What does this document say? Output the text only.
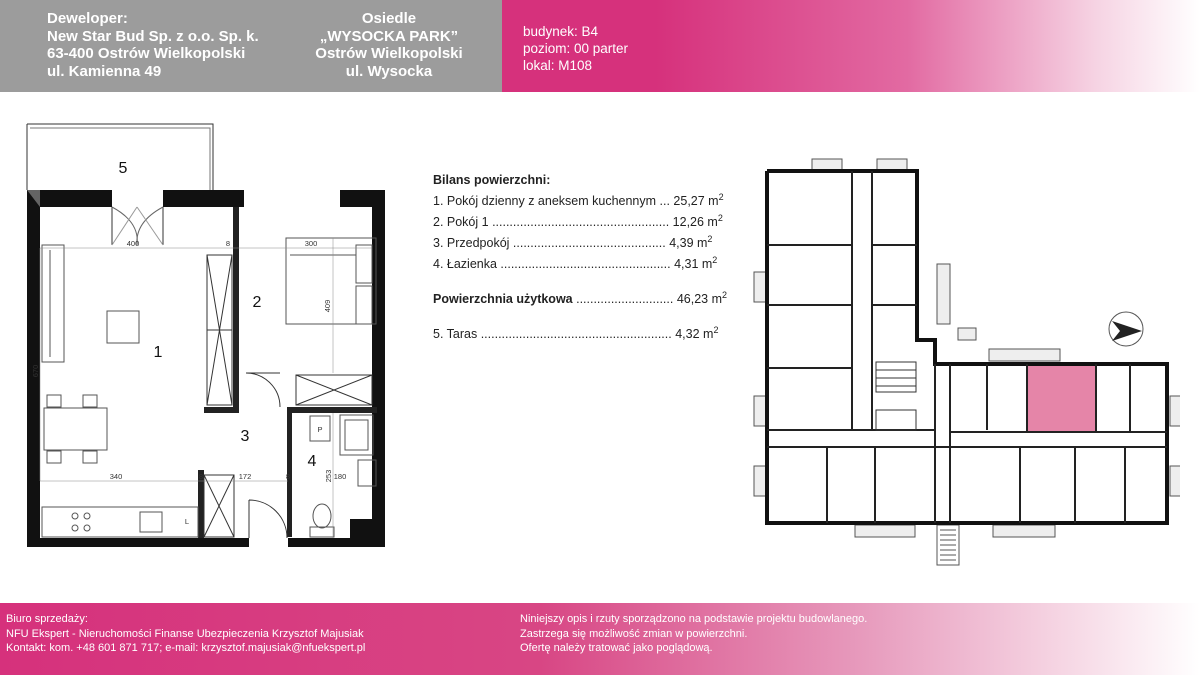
Deweloper:
New Star Bud Sp. z o.o. Sp. k.
63-400 Ostrów Wielkopolski
ul. Kamienna 49
Osiedle
„WYSOCKA PARK”
Ostrów Wielkopolski
ul. Wysocka
budynek: B4
poziom: 00 parter
lokal: M108
400	8	300
409
670
340	8	172	8	253 180
P
L
1
2
3
4
5
Bilans powierzchni:
1. Pokój dzienny z aneksem kuchennym ... 25,27 $m^2$
2. Pokój 1 ................................................... 12,26 $m^2$
3. Przedpokój ............................................ 4,39 $m^2$
4. Łazienka ................................................. 4,31 $m^2$
Powierzchnia użytkowa ............................ 46,23 $m^2$
5. Taras ....................................................... 4,32 $m^2$
Biuro sprzedaży:
NFU Ekspert - Nieruchomości Finanse Ubezpieczenia Krzysztof Majusiak
Kontakt: kom. +48 601 871 717; e-mail: krzysztof.majusiak@nfuekspert.pl
Niniejszy opis i rzuty sporządzono na podstawie projektu budowlanego.
Zastrzega się możliwość zmian w powierzchni.
Ofertę należy tratować jako poglądową.
